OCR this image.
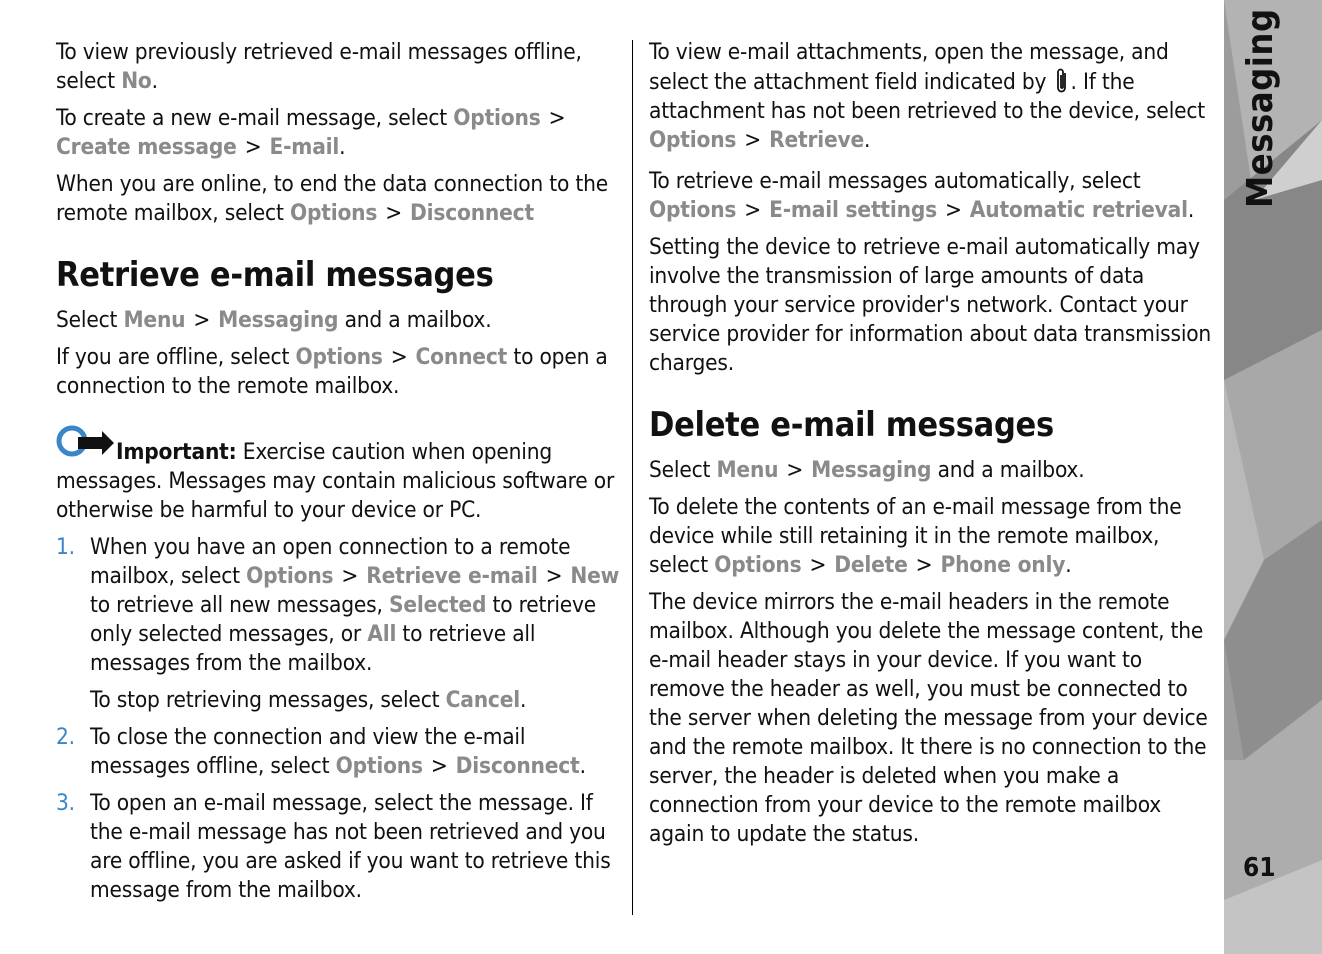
To view previously retrieved e-mail messages offline, select No.

To create a new e-mail message, select Options >
Create message > E-mail.

When you are online, to end the data connection to the remote mailbox, select Options > Disconnect

Retrieve e-mail messages

Select Menu > Messaging and a mailbox.

If you are offline, select Options > Connect to open a connection to the remote mailbox.

Important: Exercise caution when opening messages. Messages may contain malicious software or otherwise be harmful to your device or PC.

1. When you have an open connection to a remote mailbox, select Options > Retrieve e-mail > New to retrieve all new messages, Selected to retrieve only selected messages, or All to retrieve all messages from the mailbox.
To stop retrieving messages, select Cancel.
2. To close the connection and view the e-mail messages offline, select Options > Disconnect.
3. To open an e-mail message, select the message. If the e-mail message has not been retrieved and you are offline, you are asked if you want to retrieve this message from the mailbox.

To view e-mail attachments, open the message, and select the attachment field indicated by . If the attachment has not been retrieved to the device, select Options > Retrieve.

To retrieve e-mail messages automatically, select Options > E-mail settings > Automatic retrieval.

Setting the device to retrieve e-mail automatically may involve the transmission of large amounts of data through your service provider's network. Contact your service provider for information about data transmission charges.

Delete e-mail messages

Select Menu > Messaging and a mailbox.

To delete the contents of an e-mail message from the device while still retaining it in the remote mailbox, select Options > Delete > Phone only.

The device mirrors the e-mail headers in the remote mailbox. Although you delete the message content, the e-mail header stays in your device. If you want to remove the header as well, you must be connected to the server when deleting the message from your device and the remote mailbox. It there is no connection to the server, the header is deleted when you make a connection from your device to the remote mailbox again to update the status.

Messaging
61
